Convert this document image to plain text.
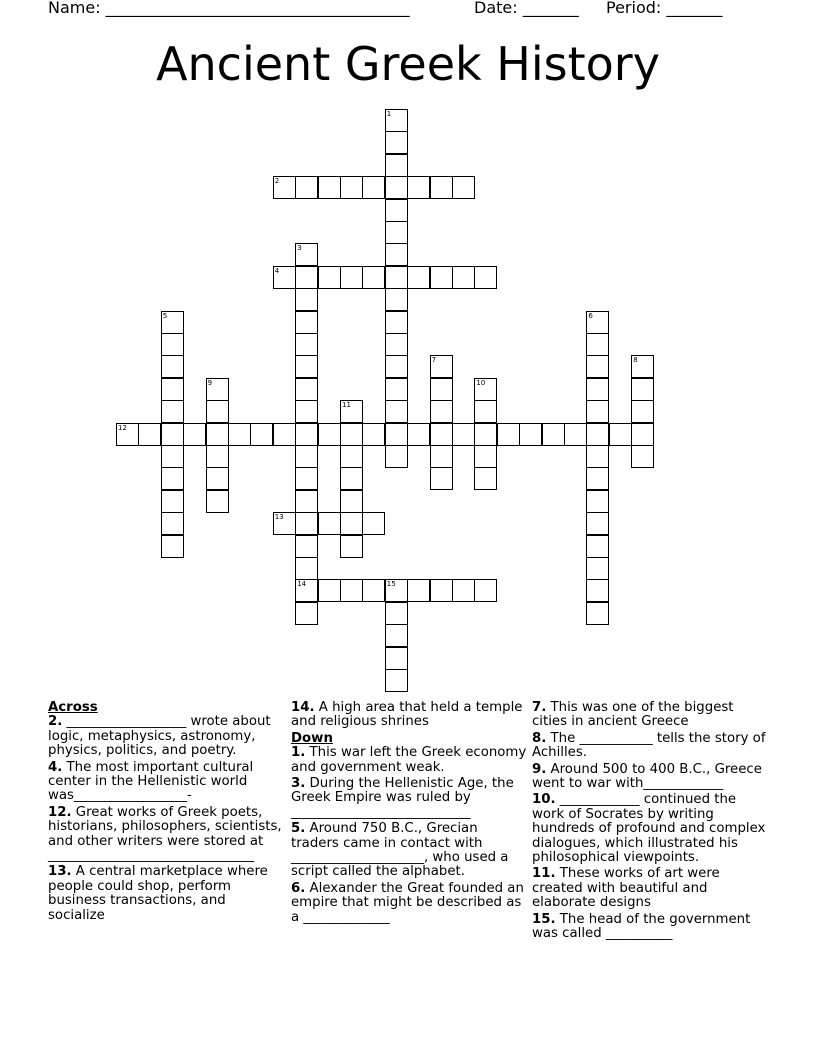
Name: ______________________________________	Date: _______ Period: _______
Ancient Greek History
1
2
3
14
4
5	6
7	8
9	10
11
12
13
15
Across
2. __________________ wrote about logic, metaphysics, astronomy, physics, politics, and poetry.
4. The most important cultural center in the Hellenistic world was_________________-
12. Great works of Greek poets, historians, philosophers, scientists, and other writers were stored at _______________________________
13. A central marketplace where people could shop, perform business transactions, and socialize
14. A high area that held a temple and religious shrines
Down
1. This war left the Greek economy and government weak.
3. During the Hellenistic Age, the Greek Empire was ruled by ___________________________
5. Around 750 B.C., Grecian traders came in contact with ____________________, who used a script called the alphabet.
6. Alexander the Great founded an empire that might be described as a _____________
7. This was one of the biggest cities in ancient Greece
8. The ___________ tells the story of Achilles.
9. Around 500 to 400 B.C., Greece went to war with____________
10. ____________ continued the work of Socrates by writing hundreds of profound and complex dialogues, which illustrated his philosophical viewpoints.
11. These works of art were created with beautiful and elaborate designs
15. The head of the government was called __________
